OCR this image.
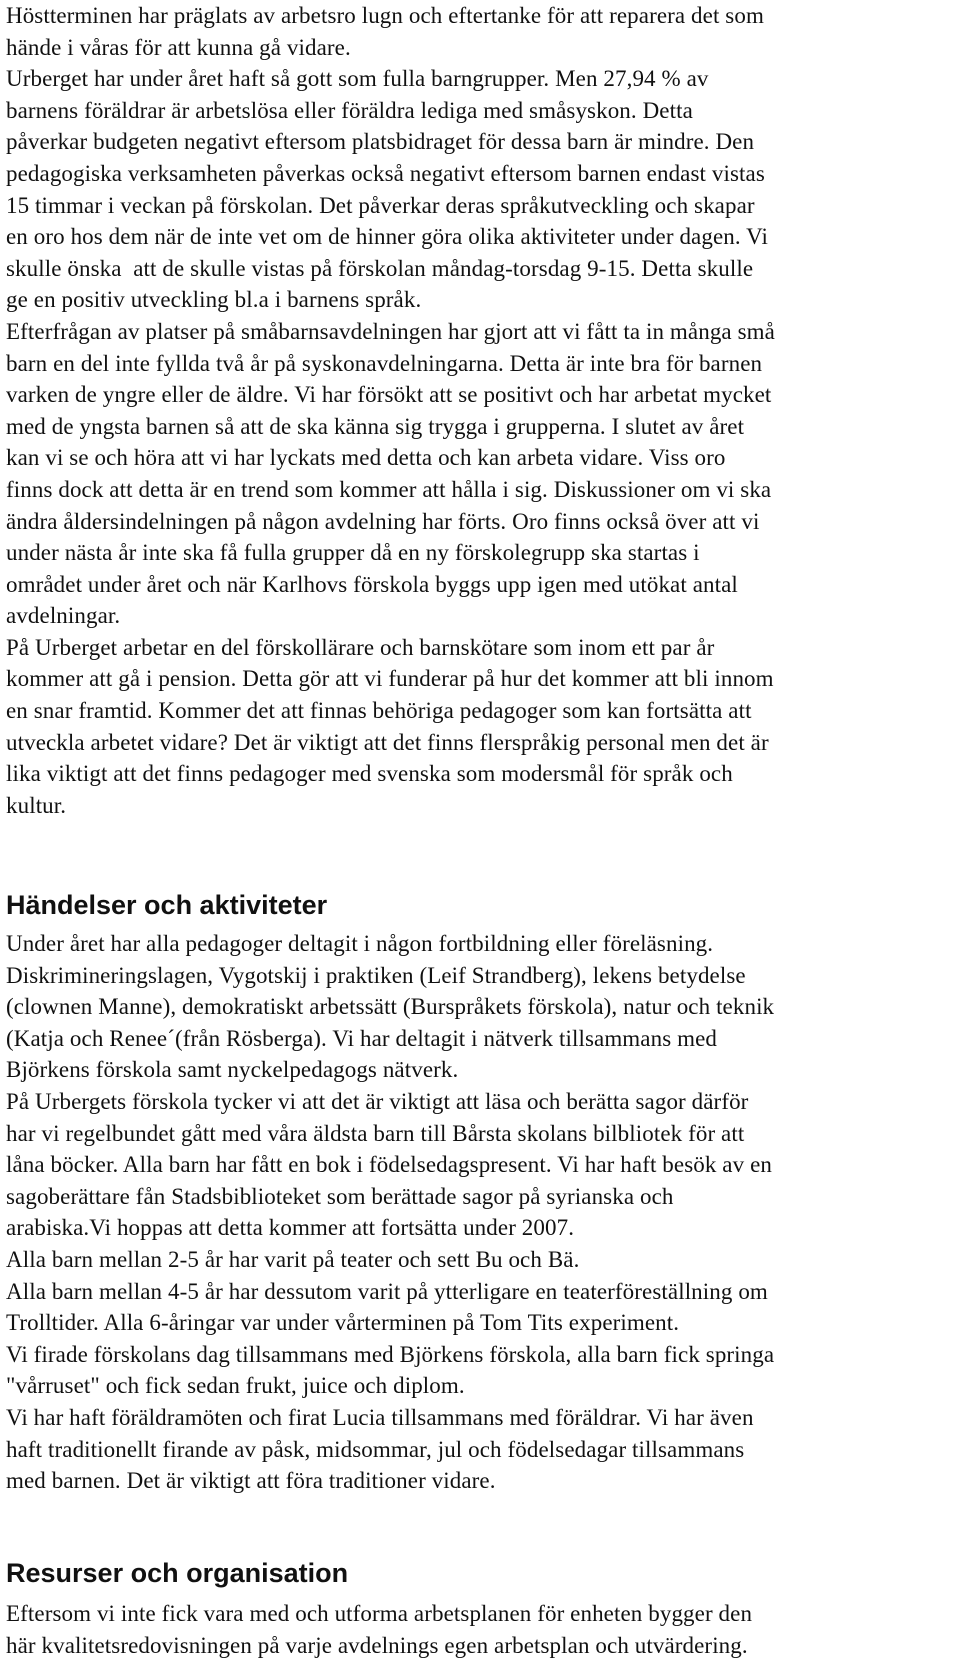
Höstterminen har präglats av arbetsro lugn och eftertanke för att reparera det som
hände i våras för att kunna gå vidare.

Urberget har under året haft så gott som fulla barngrupper. Men 27,94 % av
barnens föräldrar är arbetslösa eller föräldra lediga med småsyskon. Detta
påverkar budgeten negativt eftersom platsbidraget för dessa barn är mindre. Den
pedagogiska verksamheten påverkas också negativt eftersom barnen endast vistas
15 timmar i veckan på förskolan. Det påverkar deras språkutveckling och skapar
en oro hos dem när de inte vet om de hinner göra olika aktiviteter under dagen. Vi
skulle önska  att de skulle vistas på förskolan måndag-torsdag 9-15. Detta skulle
ge en positiv utveckling bl.a i barnens språk.

Efterfrågan av platser på småbarnsavdelningen har gjort att vi fått ta in många små
barn en del inte fyllda två år på syskonavdelningarna. Detta är inte bra för barnen
varken de yngre eller de äldre. Vi har försökt att se positivt och har arbetat mycket
med de yngsta barnen så att de ska känna sig trygga i grupperna. I slutet av året
kan vi se och höra att vi har lyckats med detta och kan arbeta vidare. Viss oro
finns dock att detta är en trend som kommer att hålla i sig. Diskussioner om vi ska
ändra åldersindelningen på någon avdelning har förts. Oro finns också över att vi
under nästa år inte ska få fulla grupper då en ny förskolegrupp ska startas i
området under året och när Karlhovs förskola byggs upp igen med utökat antal
avdelningar.

På Urberget arbetar en del förskollärare och barnskötare som inom ett par år
kommer att gå i pension. Detta gör att vi funderar på hur det kommer att bli innom
en snar framtid. Kommer det att finnas behöriga pedagoger som kan fortsätta att
utveckla arbetet vidare? Det är viktigt att det finns flerspråkig personal men det är
lika viktigt att det finns pedagoger med svenska som modersmål för språk och
kultur.

Händelser och aktiviteter

Under året har alla pedagoger deltagit i någon fortbildning eller föreläsning.
Diskrimineringslagen, Vygotskij i praktiken (Leif Strandberg), lekens betydelse
(clownen Manne), demokratiskt arbetssätt (Burspråkets förskola), natur och teknik
(Katja och Renee´(från Rösberga). Vi har deltagit i nätverk tillsammans med
Björkens förskola samt nyckelpedagogs nätverk.

På Urbergets förskola tycker vi att det är viktigt att läsa och berätta sagor därför
har vi regelbundet gått med våra äldsta barn till Bårsta skolans bilbliotek för att
låna böcker. Alla barn har fått en bok i födelsedagspresent. Vi har haft besök av en
sagoberättare fån Stadsbiblioteket som berättade sagor på syrianska och
arabiska.Vi hoppas att detta kommer att fortsätta under 2007.

Alla barn mellan 2-5 år har varit på teater och sett Bu och Bä.

Alla barn mellan 4-5 år har dessutom varit på ytterligare en teaterföreställning om
Trolltider. Alla 6-åringar var under vårterminen på Tom Tits experiment.

Vi firade förskolans dag tillsammans med Björkens förskola, alla barn fick springa
"vårruset" och fick sedan frukt, juice och diplom.

Vi har haft föräldramöten och firat Lucia tillsammans med föräldrar. Vi har även
haft traditionellt firande av påsk, midsommar, jul och födelsedagar tillsammans
med barnen. Det är viktigt att föra traditioner vidare.

Resurser och organisation

Eftersom vi inte fick vara med och utforma arbetsplanen för enheten bygger den
här kvalitetsredovisningen på varje avdelnings egen arbetsplan och utvärdering.
